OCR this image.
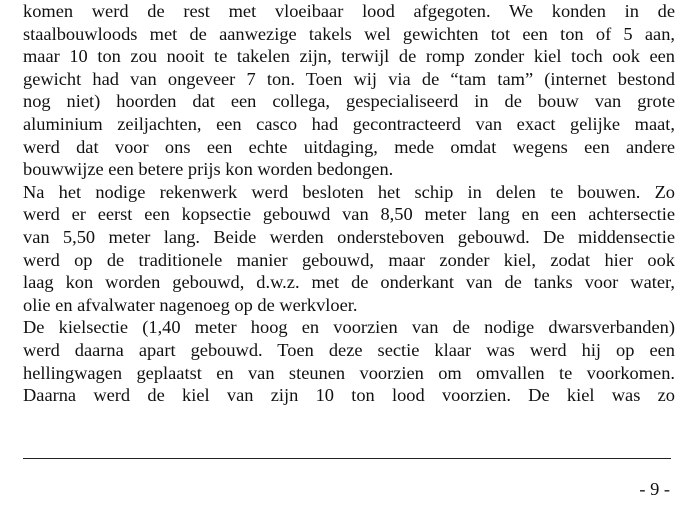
komen werd de rest met vloeibaar lood afgegoten. We konden in de
staalbouwloods met de aanwezige takels wel gewichten tot een ton of 5 aan,
maar 10 ton zou nooit te takelen zijn, terwijl de romp zonder kiel toch ook een
gewicht had van ongeveer 7 ton. Toen wij via de “tam tam” (internet bestond
nog niet) hoorden dat een collega, gespecialiseerd in de bouw van grote
aluminium zeiljachten, een casco had gecontracteerd van exact gelijke maat,
werd dat voor ons een echte uitdaging, mede omdat wegens een andere
bouwwijze een betere prijs kon worden bedongen.
Na het nodige rekenwerk werd besloten het schip in delen te bouwen. Zo
werd er eerst een kopsectie gebouwd van 8,50 meter lang en een achtersectie
van 5,50 meter lang. Beide werden ondersteboven gebouwd. De middensectie
werd op de traditionele manier gebouwd, maar zonder kiel, zodat hier ook
laag kon worden gebouwd, d.w.z. met de onderkant van de tanks voor water,
olie en afvalwater nagenoeg op de werkvloer.
De kielsectie (1,40 meter hoog en voorzien van de nodige dwarsverbanden)
werd daarna apart gebouwd. Toen deze sectie klaar was werd hij op een
hellingwagen geplaatst en van steunen voorzien om omvallen te voorkomen.
Daarna werd de kiel van zijn 10 ton lood voorzien. De kiel was zo
- 9 -
